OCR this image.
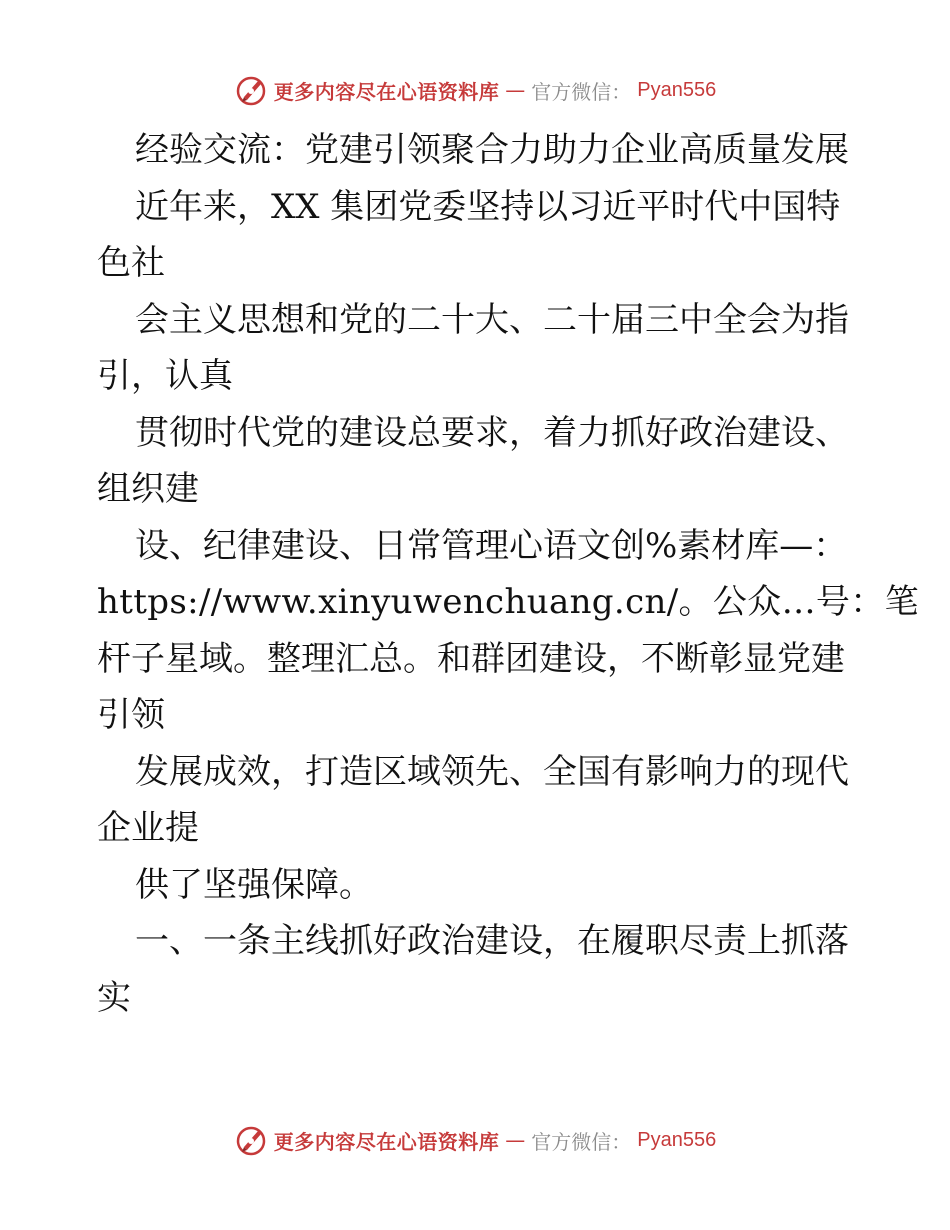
更多内容尽在心语资料库 — 官方微信： Pyan556
经验交流：党建引领聚合力助力企业高质量发展
近年来，XX 集团党委坚持以习近平时代中国特
色社
会主义思想和党的二十大、二十届三中全会为指
引，认真
贯彻时代党的建设总要求，着力抓好政治建设、
组织建
设、纪律建设、日常管理心语文创%素材库—：
https://www.xinyuwenchuang.cn/。公众…号：笔
杆子星域。整理汇总。和群团建设，不断彰显党建
引领
发展成效，打造区域领先、全国有影响力的现代
企业提
供了坚强保障。
一、一条主线抓好政治建设，在履职尽责上抓落
实
更多内容尽在心语资料库 — 官方微信： Pyan556
